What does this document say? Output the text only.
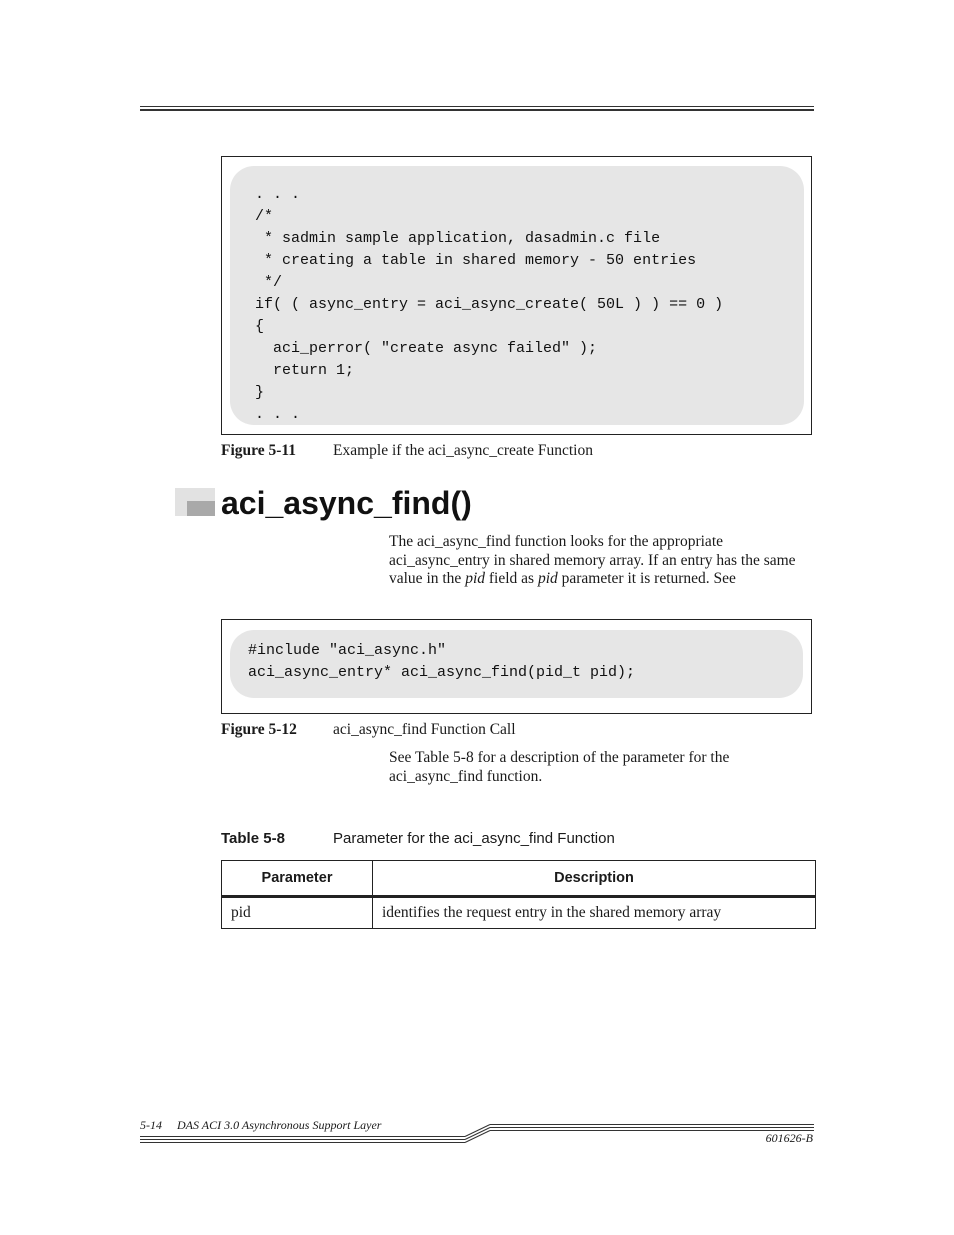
. . .
/*
* sadmin sample application, dasadmin.c file
* creating a table in shared memory - 50 entries
*/
if( ( async_entry = aci_async_create( 50L ) ) == 0 )
{
aci_perror( "create async failed" );
return 1;
}
. . .
Figure 5-11 Example if the aci_async_create Function
aci_async_find()
The aci_async_find function looks for the appropriate aci_async_entry in shared memory array. If an entry has the same value in the pid field as pid parameter it is returned. See
#include "aci_async.h"
aci_async_entry* aci_async_find(pid_t pid);
Figure 5-12 aci_async_find Function Call
See Table 5-8 for a description of the parameter for the aci_async_find function.
Table 5-8	Parameter for the aci_async_find Function
Parameter	Description
pid	identifies the request entry in the shared memory array
5-14 DAS ACI 3.0 Asynchronous Support Layer
601626-B
